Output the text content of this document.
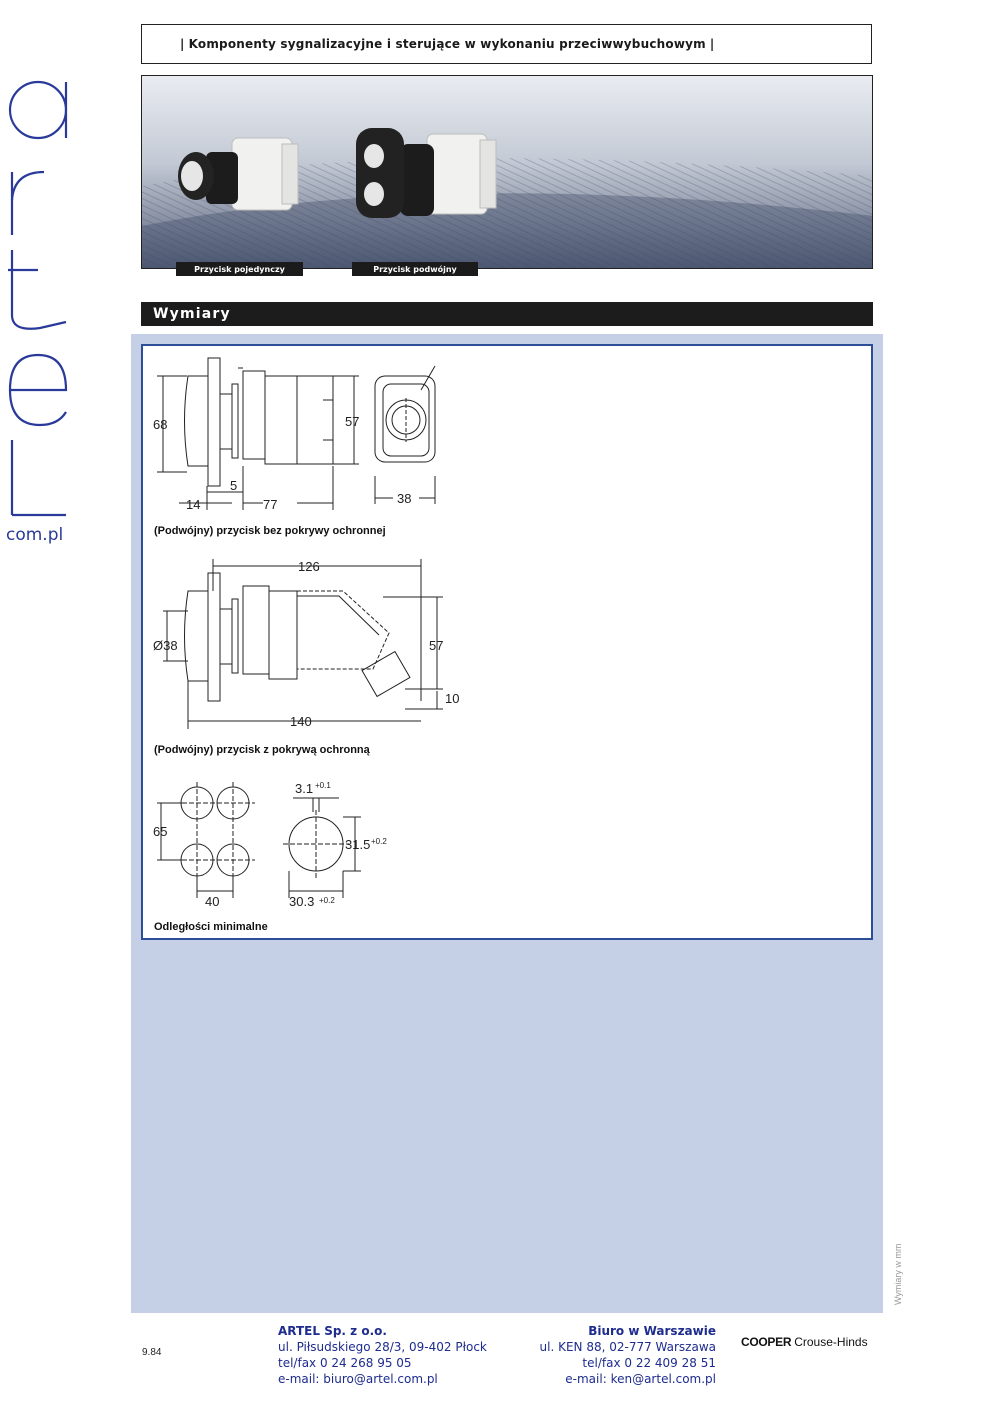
com.pl
| Komponenty sygnalizacyjne i sterujące w wykonaniu przeciwwybuchowym |
Przycisk pojedynczy	Przycisk podwójny
Wymiary
68	57
5
14	77	38
126
Ø38	57
10
140
65
40
3.1 +0.1
31.5 +0.2
30.3 +0.2
(Podwójny) przycisk bez pokrywy ochronnej
(Podwójny) przycisk z pokrywą ochronną
Odległości minimalne
Wymiary w mm
9.84
ARTEL Sp. z o.o.
ul. Piłsudskiego 28/3, 09-402 Płock
tel/fax 0 24 268 95 05
e-mail: biuro@artel.com.pl
Biuro w Warszawie
ul. KEN 88, 02-777 Warszawa
tel/fax 0 22 409 28 51
e-mail: ken@artel.com.pl
COOPER Crouse-Hinds
